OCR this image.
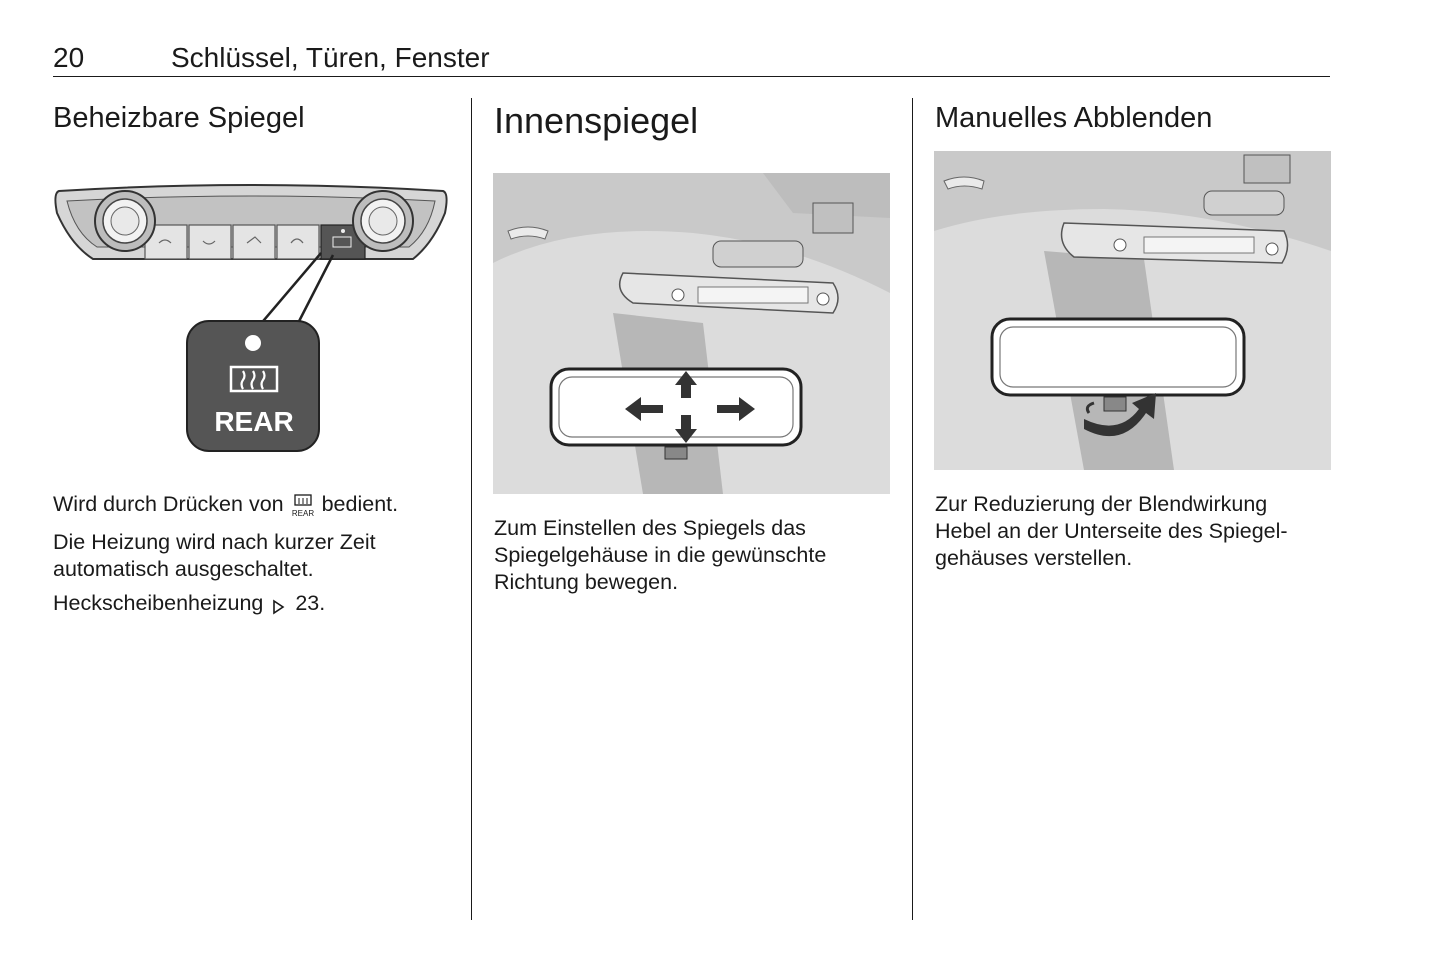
20	Schlüssel, Türen, Fenster
Beheizbare Spiegel
REAR

Wird durch Drücken von REAR bedient.

Die Heizung wird nach kurzer Zeit automatisch ausgeschaltet.

Heckscheibenheizung 23.

Innenspiegel

Zum Einstellen des Spiegels das Spiegelgehäuse in die gewünschte Richtung bewegen.

Manuelles Abblenden

Zur Reduzierung der Blendwirkung
Hebel an der Unterseite des Spiegel-
gehäuses verstellen.
